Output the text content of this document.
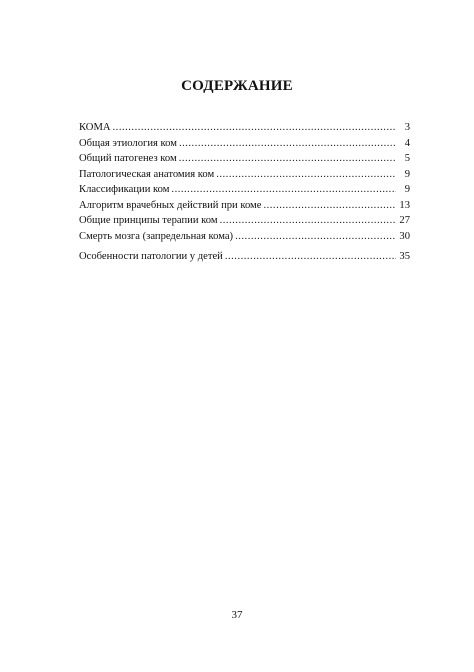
СОДЕРЖАНИЕ
КОМА .....	3
Общая этиология ком .....	4
Общий патогенез ком .....	5
Патологическая анатомия ком .....	9
Классификации ком .....	9
Алгоритм врачебных действий при коме .....	13
Общие принципы терапии ком .....	27
Смерть мозга (запредельная кома) .....	30
Особенности патологии у детей .....	35
37
